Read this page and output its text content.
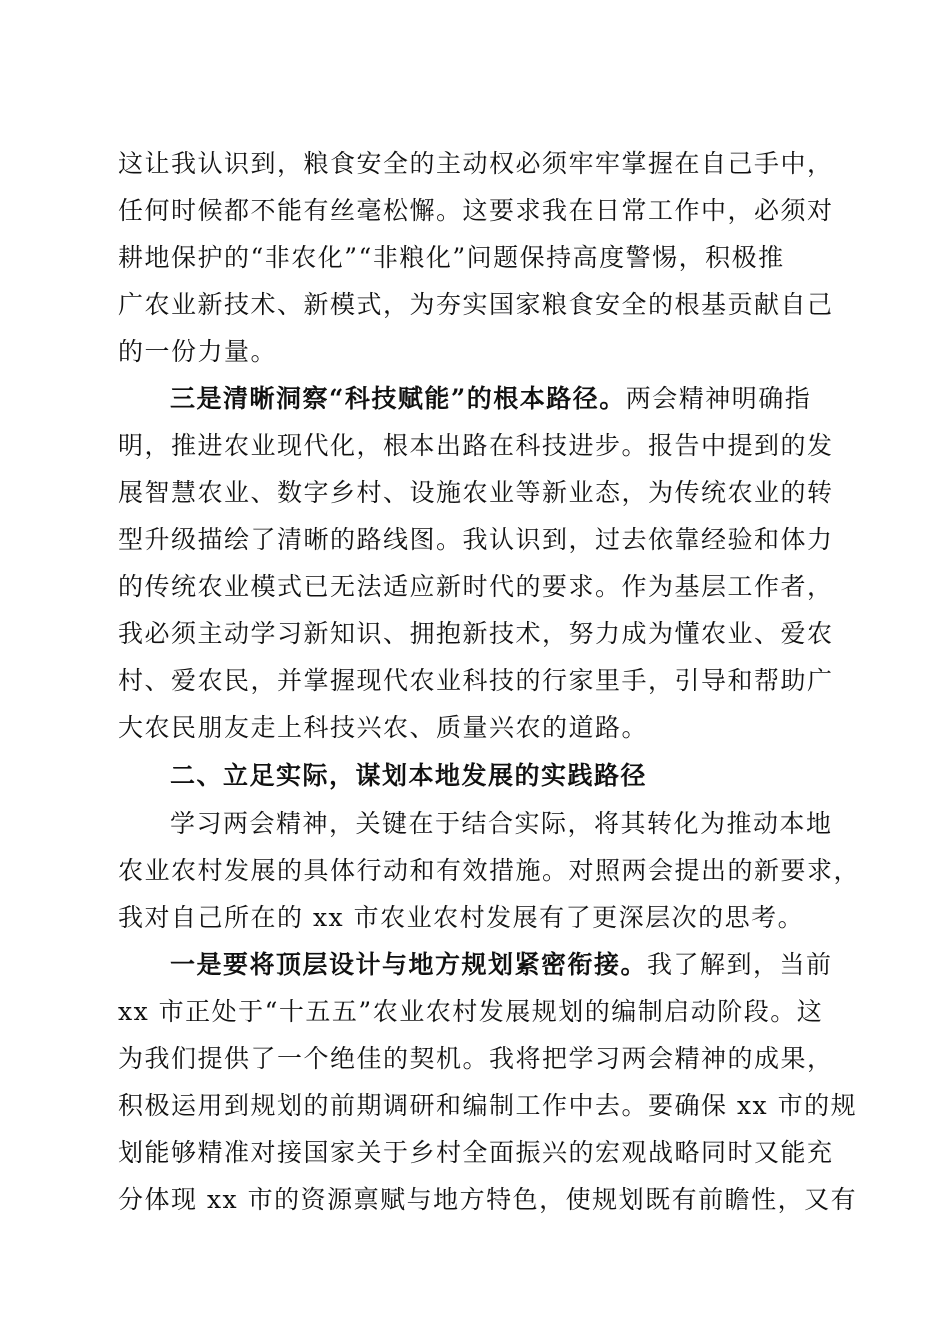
这让我认识到，粮食安全的主动权必须牢牢掌握在自己手中，
任何时候都不能有丝毫松懈。这要求我在日常工作中，必须对
耕地保护的“非农化”“非粮化”问题保持高度警惕，积极推
广农业新技术、新模式，为夯实国家粮食安全的根基贡献自己
的一份力量。
三是清晰洞察“科技赋能”的根本路径。两会精神明确指
明，推进农业现代化，根本出路在科技进步。报告中提到的发
展智慧农业、数字乡村、设施农业等新业态，为传统农业的转
型升级描绘了清晰的路线图。我认识到，过去依靠经验和体力
的传统农业模式已无法适应新时代的要求。作为基层工作者，
我必须主动学习新知识、拥抱新技术，努力成为懂农业、爱农
村、爱农民，并掌握现代农业科技的行家里手，引导和帮助广
大农民朋友走上科技兴农、质量兴农的道路。
二、立足实际，谋划本地发展的实践路径
学习两会精神，关键在于结合实际，将其转化为推动本地
农业农村发展的具体行动和有效措施。对照两会提出的新要求，
我对自己所在的 xx 市农业农村发展有了更深层次的思考。
一是要将顶层设计与地方规划紧密衔接。我了解到，当前
xx 市正处于“十五五”农业农村发展规划的编制启动阶段。这
为我们提供了一个绝佳的契机。我将把学习两会精神的成果，
积极运用到规划的前期调研和编制工作中去。要确保 xx 市的规
划能够精准对接国家关于乡村全面振兴的宏观战略同时又能充
分体现 xx 市的资源禀赋与地方特色，使规划既有前瞻性，又有
